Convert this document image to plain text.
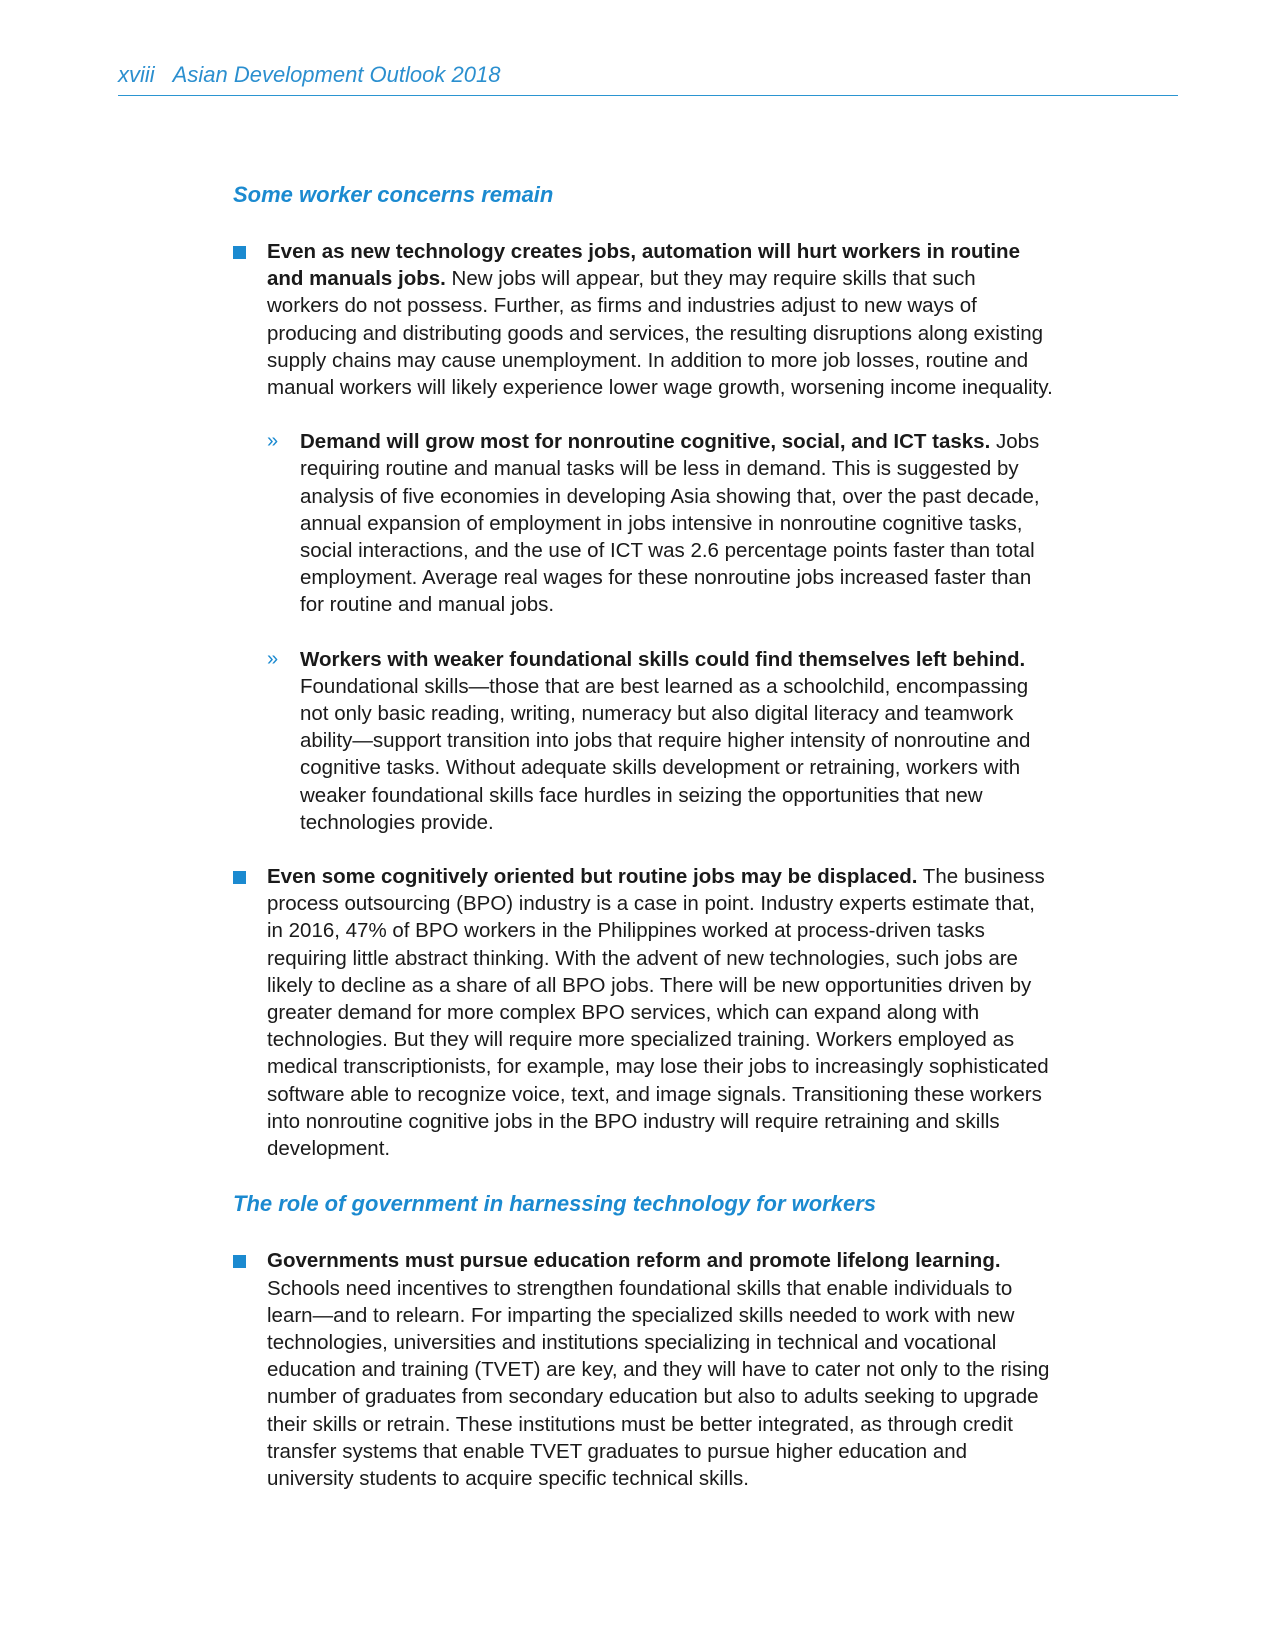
xviii Asian Development Outlook 2018
Some worker concerns remain
Even as new technology creates jobs, automation will hurt workers in routine and manuals jobs. New jobs will appear, but they may require skills that such workers do not possess. Further, as firms and industries adjust to new ways of producing and distributing goods and services, the resulting disruptions along existing supply chains may cause unemployment. In addition to more job losses, routine and manual workers will likely experience lower wage growth, worsening income inequality.
» Demand will grow most for nonroutine cognitive, social, and ICT tasks. Jobs requiring routine and manual tasks will be less in demand. This is suggested by analysis of five economies in developing Asia showing that, over the past decade, annual expansion of employment in jobs intensive in nonroutine cognitive tasks, social interactions, and the use of ICT was 2.6 percentage points faster than total employment. Average real wages for these nonroutine jobs increased faster than for routine and manual jobs.
» Workers with weaker foundational skills could find themselves left behind. Foundational skills—those that are best learned as a schoolchild, encompassing not only basic reading, writing, numeracy but also digital literacy and teamwork ability—support transition into jobs that require higher intensity of nonroutine and cognitive tasks. Without adequate skills development or retraining, workers with weaker foundational skills face hurdles in seizing the opportunities that new technologies provide.
Even some cognitively oriented but routine jobs may be displaced. The business process outsourcing (BPO) industry is a case in point. Industry experts estimate that, in 2016, 47% of BPO workers in the Philippines worked at process-driven tasks requiring little abstract thinking. With the advent of new technologies, such jobs are likely to decline as a share of all BPO jobs. There will be new opportunities driven by greater demand for more complex BPO services, which can expand along with technologies. But they will require more specialized training. Workers employed as medical transcriptionists, for example, may lose their jobs to increasingly sophisticated software able to recognize voice, text, and image signals. Transitioning these workers into nonroutine cognitive jobs in the BPO industry will require retraining and skills development.
The role of government in harnessing technology for workers
Governments must pursue education reform and promote lifelong learning. Schools need incentives to strengthen foundational skills that enable individuals to learn—and to relearn. For imparting the specialized skills needed to work with new technologies, universities and institutions specializing in technical and vocational education and training (TVET) are key, and they will have to cater not only to the rising number of graduates from secondary education but also to adults seeking to upgrade their skills or retrain. These institutions must be better integrated, as through credit transfer systems that enable TVET graduates to pursue higher education and university students to acquire specific technical skills.
